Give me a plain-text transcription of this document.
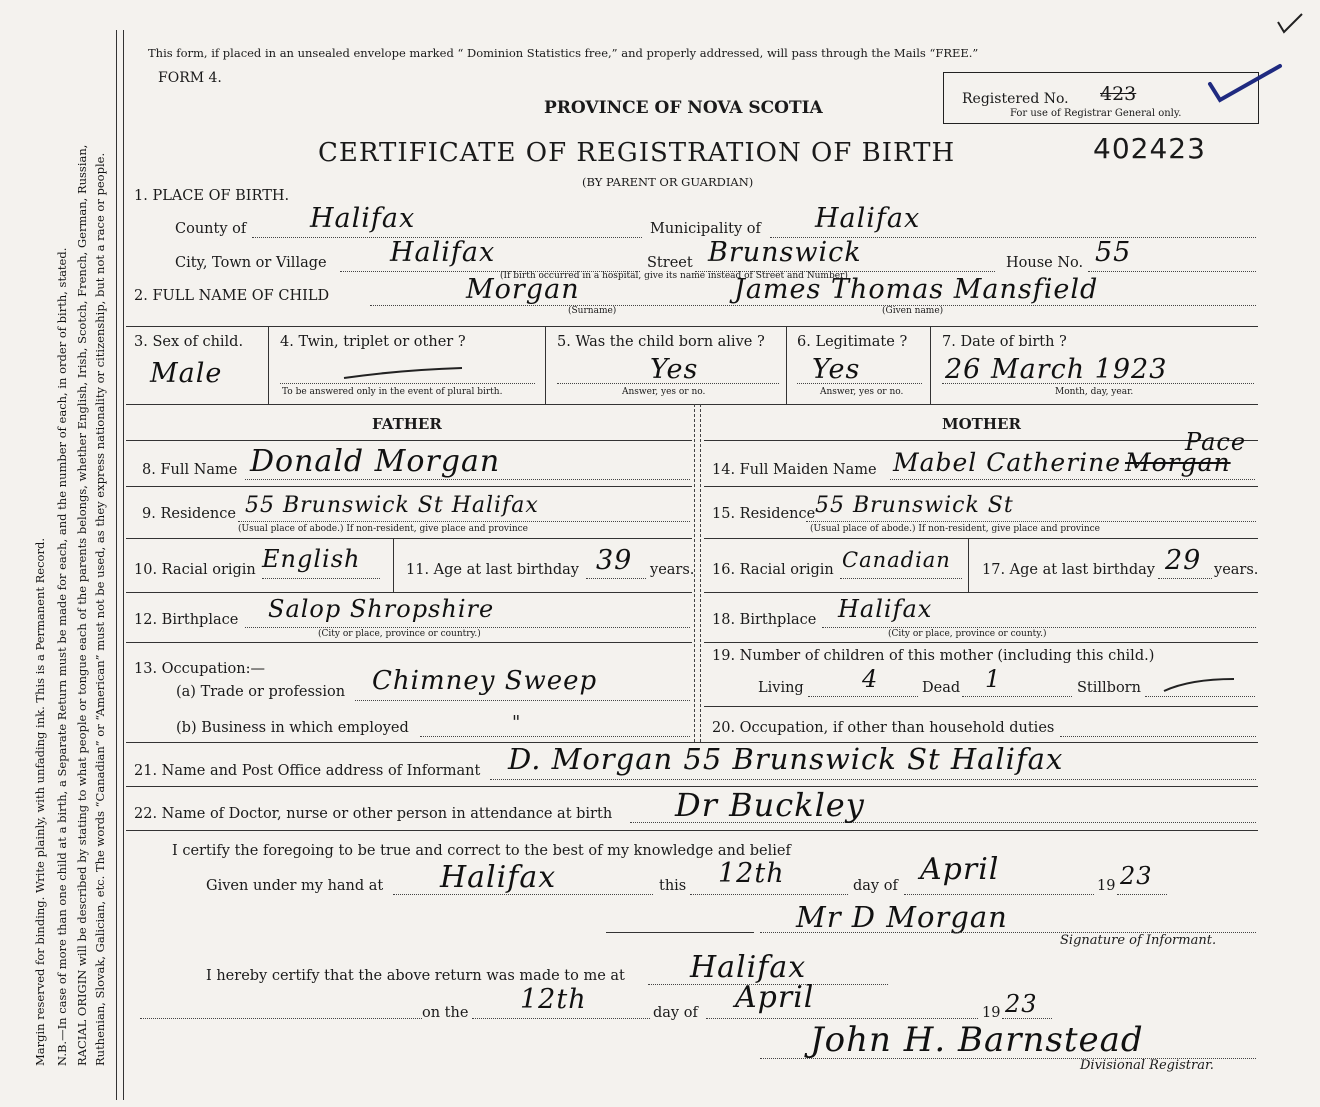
Margin reserved for binding. Write plainly, with unfading ink. This is a Permanent Record. N.B.—In case of more than one child at a birth, a Separate Return must be made for each, and the number of each, in order of birth, stated. RACIAL ORIGIN will be described by stating to what people or tongue each of the parents belongs, whether English, Irish, Scotch, French, German, Russian, Ruthenian, Slovak, Galician, etc. The words “Canadian” or “American” must not be used, as they express nationality or citizenship, but not a race or people.
This form, if placed in an unsealed envelope marked “ Dominion Statistics free,” and properly addressed, will pass through the Mails “FREE.”
FORM 4.
PROVINCE OF NOVA SCOTIA
CERTIFICATE OF REGISTRATION OF BIRTH
(BY PARENT OR GUARDIAN)
402423
Registered No. 423
For use of Registrar General only.
1. PLACE OF BIRTH.
County of Halifax	Municipality of Halifax
City, Town or Village Halifax	Street Brunswick	House No. 55
(If birth occurred in a hospital, give its name instead of Street and Number)
2. FULL NAME OF CHILD	Morgan
(Surname)
James Thomas Mansfield
(Given name)
3. Sex of child.
Male
4. Twin, triplet or other ?
To be answered only in the event of plural birth.
5. Was the child born alive ?
Yes
Answer, yes or no.
6. Legitimate ?
Yes
Answer, yes or no.
7. Date of birth ?
26 March 1923
Month, day, year.
FATHER	MOTHER
8. Full Name Donald Morgan
9. Residence 55 Brunswick St Halifax
(Usual place of abode.) If non-resident, give place and province
10. Racial origin English	11. Age at last birthday 39 years.
12. Birthplace Salop Shropshire
(City or place, province or country.)
13. Occupation:—
(a) Trade or profession Chimney Sweep
(b) Business in which employed	"
Pace
14. Full Maiden Name Mabel Catherine Morgan
15. Residence 55 Brunswick St
(Usual place of abode.) If non-resident, give place and province
16. Racial origin Canadian 17. Age at last birthday 29 years.
18. Birthplace Halifax
(City or place, province or county.)
19. Number of children of this mother (including this child.)
Living 4	Dead 1	Stillborn
20. Occupation, if other than household duties
21. Name and Post Office address of Informant D. Morgan 55 Brunswick St Halifax
22. Name of Doctor, nurse or other person in attendance at birth Dr Buckley
I certify the foregoing to be true and correct to the best of my knowledge and belief
Given under my hand at Halifax	this 12th	day of April	19 23
Mr D Morgan
Signature of Informant.
I hereby certify that the above return was made to me at Halifax
on the 12th	day of April	19 23
John H. Barnstead
Divisional Registrar.
